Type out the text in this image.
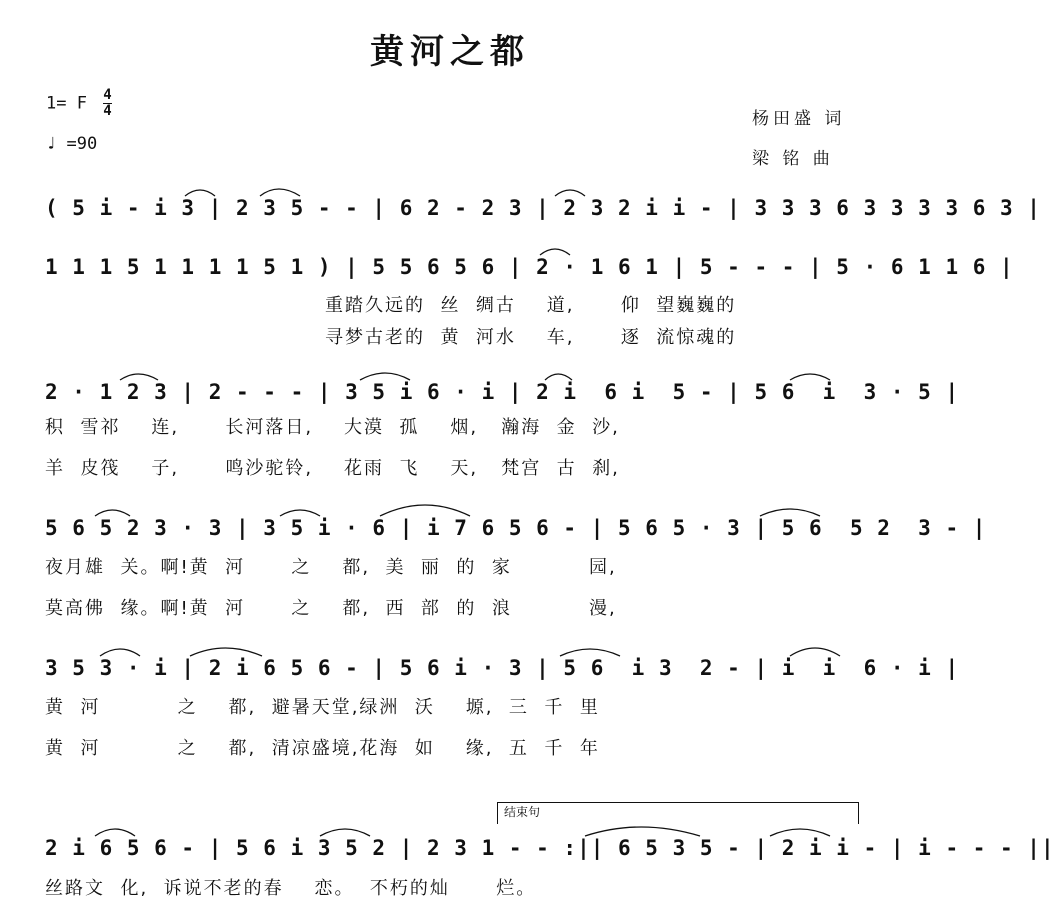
黄河之都
1= F $\frac{4}{4}$
♩ =90
杨田盛 词
梁 铭 曲
( 5 i - i 3 | 2 3 5 - - | 6 2 - 2 3 | 2 3 2 i i - | 3 3 3 6 3 3 3 3 6 3 |
1 1 1 5 1 1 1 1 5 1 ) | 5 5 6 5 6 | 2 · 1 6 1 | 5 - - - | 5 · 6 1 1 6 |
重踏久远的  丝  绸古    道,      仰  望巍巍的
寻梦古老的  黄  河水    车,      逐  流惊魂的
2 · 1 2 3 | 2 - - - | 3 5 i 6 · i | 2 i  6 i  5 - | 5 6  i  3 · 5 |
积  雪祁    连,      长河落日,    大漠  孤    烟,   瀚海  金  沙,
羊  皮筏    子,      鸣沙驼铃,    花雨  飞    天,   梵宫  古  刹,
5 6 5 2 3 · 3 | 3 5 i · 6 | i 7 6 5 6 - | 5 6 5 · 3 | 5 6  5 2  3 - |
夜月雄  关。啊!黄  河      之    都,  美  丽  的  家          园,
莫高佛  缘。啊!黄  河      之    都,  西  部  的  浪          漫,
3 5 3 · i | 2 i 6 5 6 - | 5 6 i · 3 | 5 6  i 3  2 - | i  i  6 · i |
黄  河          之    都,  避暑天堂,绿洲  沃    塬,  三  千  里
黄  河          之    都,  清凉盛境,花海  如    缘,  五  千  年
结束句
2 i 6 5 6 - | 5 6 i 3 5 2 | 2 3 1 - - :|| 6 5 3 5 - | 2 i i - | i - - - ||
丝路文  化,  诉说不老的春    恋。  不朽的灿      烂。
